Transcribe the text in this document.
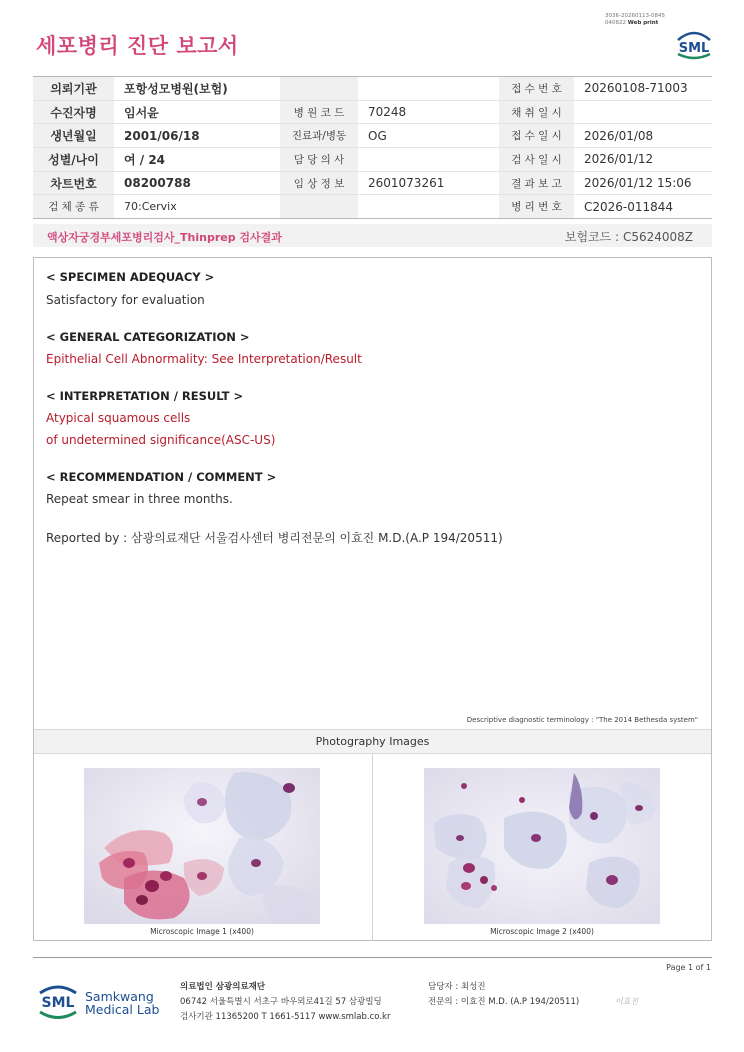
3036-20260113-0845
040822 Web print
세포병리 진단 보고서	SML
의뢰기관	포항성모병원(보험)			접 수 번 호	20260108-71003
수진자명	임서윤	병 원 코 드	70248	채 취 일 시	
생년월일	2001/06/18	진료과/병동	OG	접 수 일 시	2026/01/08
성별/나이	여 / 24	담 당 의 사		검 사 일 시	2026/01/12
차트번호	08200788	임 상 정 보	2601073261	결 과 보 고	2026/01/12 15:06
검 체 종 류	70:Cervix			병 리 번 호	C2026-011844
액상자궁경부세포병리검사_Thinprep 검사결과	보험코드 : C5624008Z
< SPECIMEN ADEQUACY >
Satisfactory for evaluation
< GENERAL CATEGORIZATION >
Epithelial Cell Abnormality: See Interpretation/Result
< INTERPRETATION / RESULT >
Atypical squamous cells
of undetermined significance(ASC-US)
< RECOMMENDATION / COMMENT >
Repeat smear in three months.
Reported by : 삼광의료재단 서울검사센터 병리전문의 이효진 M.D.(A.P 194/20511)
Descriptive diagnostic terminology : "The 2014 Bethesda system"
Photography Images
Microscopic Image 1 (x400)	Microscopic Image 2 (x400)
Page 1 of 1
SML Samkwang
Medical Lab
의료법인 삼광의료재단
06742 서울특별시 서초구 바우뫼로41길 57 삼광빌딩
검사기관 11365200 T 1661-5117 www.smlab.co.kr
담당자 : 최성진
전문의 : 이효진 M.D. (A.P 194/20511)	이효진
